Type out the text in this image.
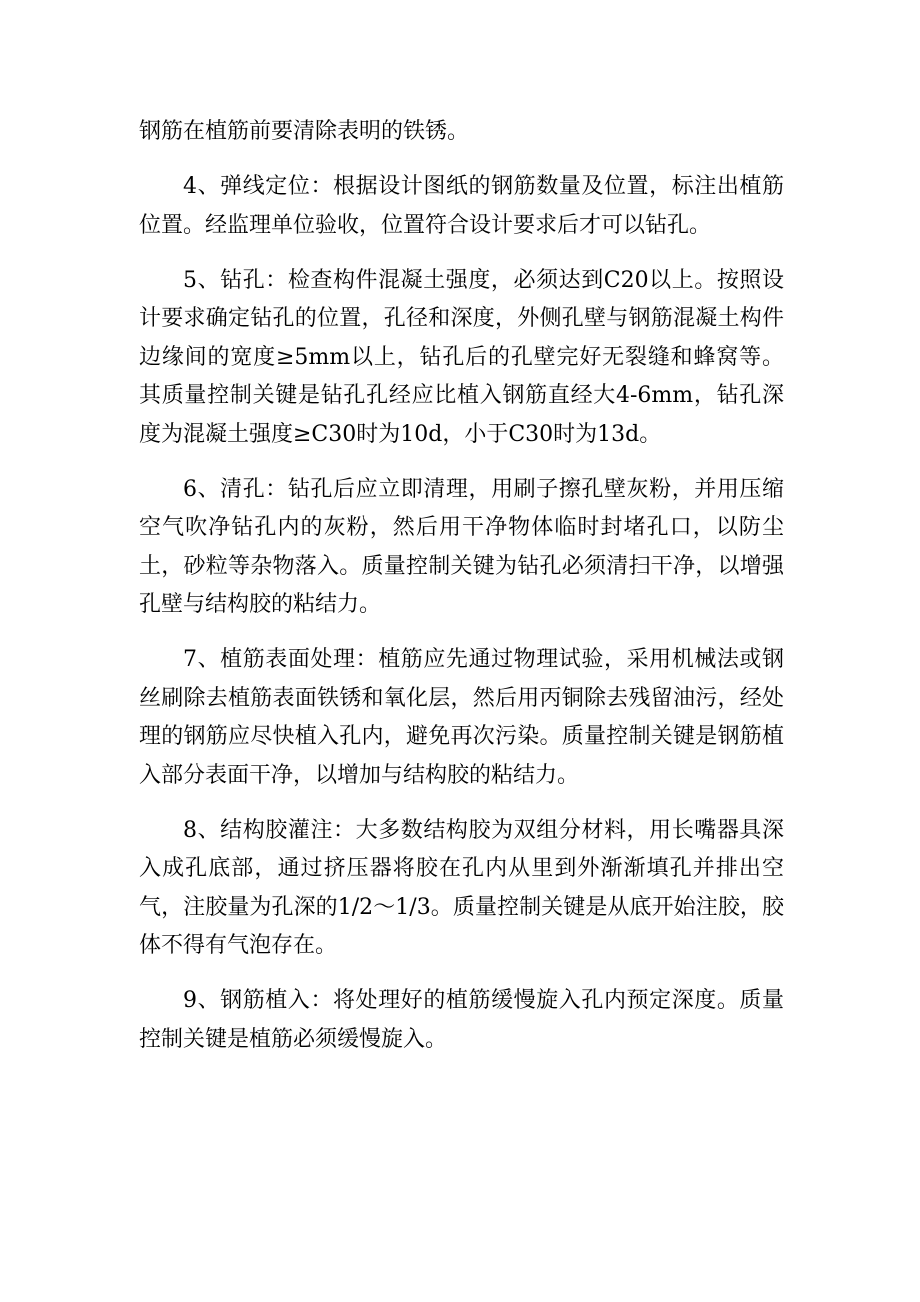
钢筋在植筋前要清除表明的铁锈。

4、弹线定位：根据设计图纸的钢筋数量及位置，标注出植筋位置。经监理单位验收，位置符合设计要求后才可以钻孔。

5、钻孔：检查构件混凝土强度，必须达到C20以上。按照设计要求确定钻孔的位置，孔径和深度，外侧孔壁与钢筋混凝土构件边缘间的宽度≥5mm以上，钻孔后的孔壁完好无裂缝和蜂窝等。其质量控制关键是钻孔孔经应比植入钢筋直经大4-6mm，钻孔深度为混凝土强度≥C30时为10d，小于C30时为13d。

6、清孔：钻孔后应立即清理，用刷子擦孔壁灰粉，并用压缩空气吹净钻孔内的灰粉，然后用干净物体临时封堵孔口，以防尘土，砂粒等杂物落入。质量控制关键为钻孔必须清扫干净，以增强孔壁与结构胶的粘结力。

7、植筋表面处理：植筋应先通过物理试验，采用机械法或钢丝刷除去植筋表面铁锈和氧化层，然后用丙铜除去残留油污，经处理的钢筋应尽快植入孔内，避免再次污染。质量控制关键是钢筋植入部分表面干净，以增加与结构胶的粘结力。

8、结构胶灌注：大多数结构胶为双组分材料，用长嘴器具深入成孔底部，通过挤压器将胶在孔内从里到外渐渐填孔并排出空气，注胶量为孔深的1/2～1/3。质量控制关键是从底开始注胶，胶体不得有气泡存在。

9、钢筋植入：将处理好的植筋缓慢旋入孔内预定深度。质量控制关键是植筋必须缓慢旋入。
